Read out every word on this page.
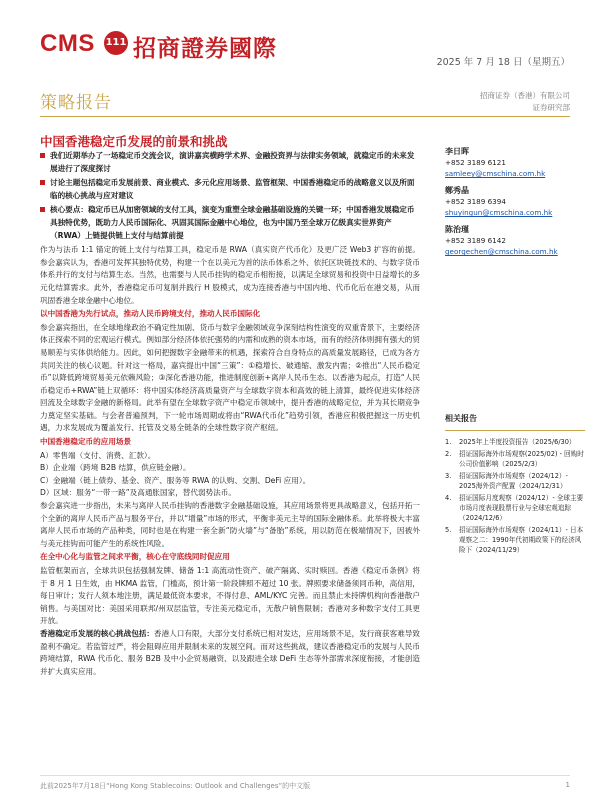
CMS 111 招商證券國際
2025 年 7 月 18 日（星期五）
策略报告	招商证券（香港）有限公司
证券研究部
中国香港稳定币发展的前景和挑战
我们近期举办了一场稳定币交流会议，演讲嘉宾横跨学术界、金融投资界与法律实务领域，就稳定币的未来发展进行了深度探讨
讨论主题包括稳定币发展前景、商业模式、多元化应用场景、监管框架、中国香港稳定币的战略意义以及所面临的核心挑战与应对建议
核心要点：稳定币已从加密领域的支付工具，演变为重塑全球金融基础设施的关键一环；中国香港发展稳定币具独特优势，既助力人民币国际化、巩固其国际金融中心地位，也为中国乃至全球万亿级真实世界资产（RWA）上链提供链上支付与结算前提

作为与法币 1:1 锚定的链上支付与结算工具，稳定币是 RWA（真实资产代币化）及更广泛 Web3 扩容的前提。参会嘉宾认为，香港可发挥其独特优势，构建一个在以美元为首的法币体系之外、依托区块链技术的、与数字货币体系并行的支付与结算生态。当然，也需要与人民币挂钩的稳定币相衔接，以满足全球贸易和投资中日益增长的多元化结算需求。此外，香港稳定币可复制并践行 H 股模式，成为连接香港与中国内地、代币化后在港交易，从而巩固香港全球金融中心地位。

以中国香港为先行试点，推动人民币跨境支付，推动人民币国际化

参会嘉宾指出，在全球地缘政治不确定性加剧、货币与数字金融领域竞争深刻结构性演变的双重背景下，主要经济体正探索不同的宏观运行模式。例如部分经济体依托强势的内需和成熟的资本市场，而有的经济体则拥有强大的贸易顺差与实体供给能力。因此，如何把握数字金融带来的机遇，探索符合自身特点的高质量发展路径，已成为各方共同关注的核心议题。针对这一格局，嘉宾提出中国“三策”：①稳增长、破通缩、激发内需；②推出“人民币稳定币”以降低跨境贸易美元依赖风险；③深化香港功能，推进制度创新+离岸人民币生态。以香港为起点，打造“人民币稳定币+RWA”链上双循环：将中国实体经济高质量资产与全球数字资本和高效的链上清算，最终促进实体经济回流及全球数字金融的新格局。此举有望在全球数字资产中稳定币领域中，提升香港的战略定位，并为其长期竞争力奠定坚实基础。与会者普遍预判，下一轮市场周期或将由“RWA代币化”趋势引领，香港应积极把握这一历史机遇，力求发展成为覆盖发行、托管及交易全链条的全球性数字资产枢纽。

中国香港稳定币的应用场景

A）零售端（支付、消费、汇款）。

B）企业端（跨境 B2B 结算，供应链金融）。

C）金融端（链上债券、基金、资产、服务等 RWA 的认购、交割、DeFi 应用）。

D）区域：服务“一带一路”及高通胀国家，替代弱势法币。

参会嘉宾进一步指出，未来与离岸人民币挂钩的香港数字金融基础设施，其应用场景将更具战略意义，包括开拓一个全新的离岸人民币产品与服务平台，并以“增量”市场的形式，平衡非美元主导的国际金融体系。此举将极大丰富离岸人民币市场的产品种类，同时也是在构建一套全新“防火墙”与“备胎”系统，用以防范在极端情况下，因被外与美元挂钩而可能产生的系统性风险。

在全中心化与监管之间求平衡，核心在守底线同时促应用

监管框架而言，全球共识包括强制发牌、储备 1:1 高流动性资产、破产隔离、实时赎回。香港《稳定币条例》将于 8 月 1 日生效，由 HKMA 监管，门槛高，预计第一阶段牌照不超过 10 张。牌照要求储备须同币种，高信用，每日审计；发行人须本地注册，满足最低资本要求，不得付息、AML/KYC 完善。而且禁止未持牌机构向香港散户销售。与美国对比：美国采用联邦/州双层监管，专注美元稳定币，无散户销售限制；香港对多种数字支付工具更开放。

香港稳定币发展的核心挑战包括：香港人口有限，大部分支付系统已相对发达，应用场景不足，发行商获客难导致盈利不确定。若监管过严，将会阻碍应用并限制未来的发展空间。而对这些挑战，建议香港稳定币的发展与人民币跨境结算，RWA 代币化、服务 B2B 及中小企贸易融资、以及跟进全球 DeFi 生态等外部需求深度衔接，才能创造并扩大真实应用。

李日晖
+852 3189 6121
samleey@cmschina.com.hk
鄭秀晶
+852 3189 6394
shuyingun@cmschina.com.hk
陈治瑾
+852 3189 6142
georgechen@cmschina.com.hk
相关报告
1.	2025年上半度投资报告（2025/6/30）
2.	招证国际海外市场观察(2025/02) - 回购时公司价值影响（2025/2/3）
3.	招证国际海外市场观察（2024/12）- 2025海外资产配置（2024/12/31）
4.	招证国际月度观察（2024/12）- 全球主要市场月度表现股票行业与全球宏观追踪（2024/12/6）
5.	招证国际海外市场观察（2024/11）- 日本观察之二：1990年代初期政策下的经济风险下（2024/11/29）
此前2025年7月18日“Hong Kong Stablecoins: Outlook and Challenges”的中文版	1
